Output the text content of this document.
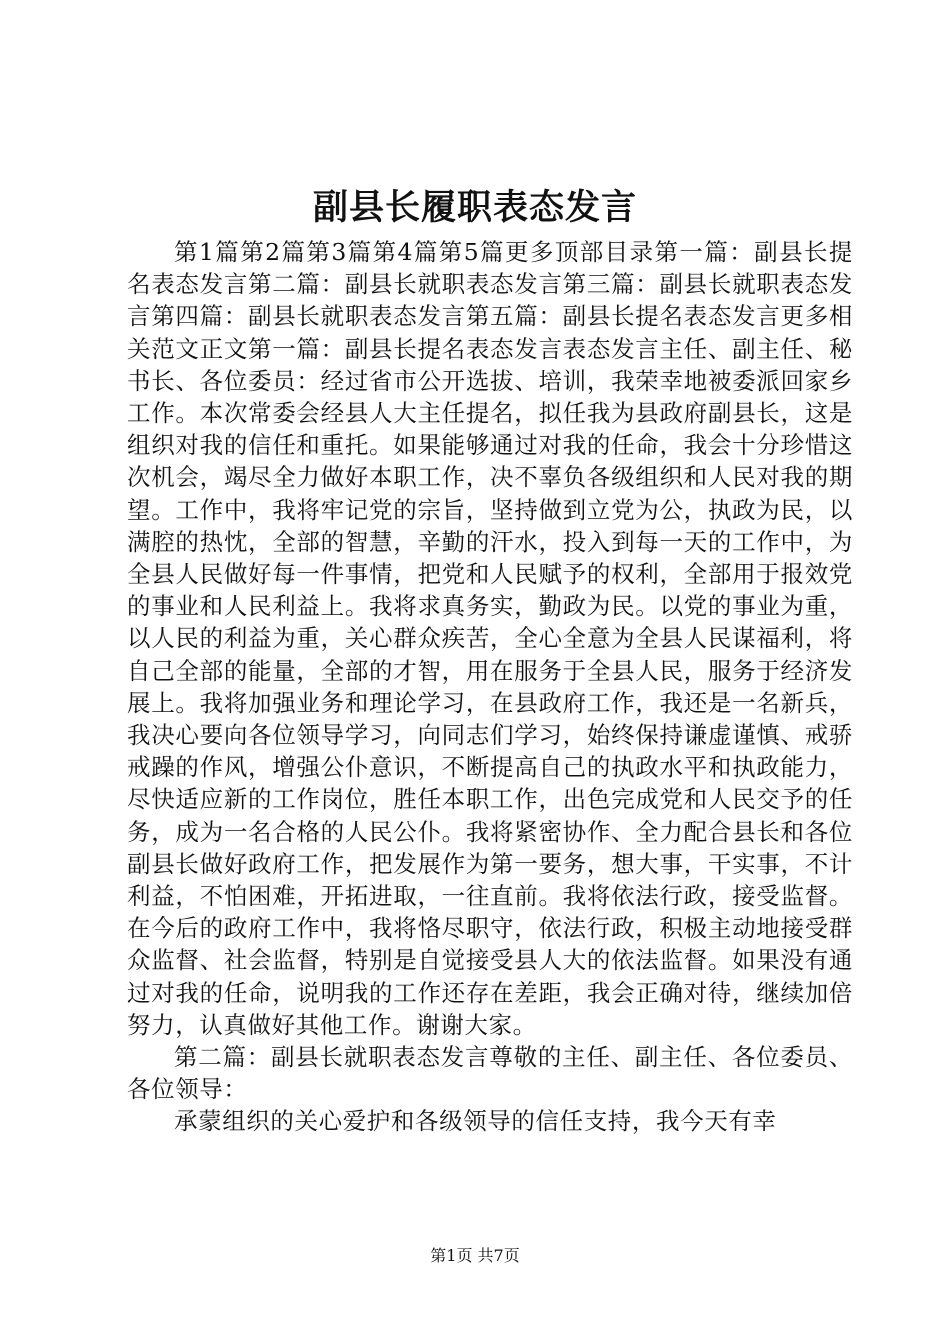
副县长履职表态发言

第1篇第2篇第3篇第4篇第5篇更多顶部目录第一篇：副县长提名表态发言第二篇：副县长就职表态发言第三篇：副县长就职表态发言第四篇：副县长就职表态发言第五篇：副县长提名表态发言更多相关范文正文第一篇：副县长提名表态发言表态发言主任、副主任、秘书长、各位委员：经过省市公开选拔、培训，我荣幸地被委派回家乡工作。本次常委会经县人大主任提名，拟任我为县政府副县长，这是组织对我的信任和重托。如果能够通过对我的任命，我会十分珍惜这次机会，竭尽全力做好本职工作，决不辜负各级组织和人民对我的期望。工作中，我将牢记党的宗旨，坚持做到立党为公，执政为民，以满腔的热忱，全部的智慧，辛勤的汗水，投入到每一天的工作中，为全县人民做好每一件事情，把党和人民赋予的权利，全部用于报效党的事业和人民利益上。我将求真务实，勤政为民。以党的事业为重，以人民的利益为重，关心群众疾苦，全心全意为全县人民谋福利，将自己全部的能量，全部的才智，用在服务于全县人民，服务于经济发展上。我将加强业务和理论学习，在县政府工作，我还是一名新兵，我决心要向各位领导学习，向同志们学习，始终保持谦虚谨慎、戒骄戒躁的作风，增强公仆意识，不断提高自己的执政水平和执政能力，尽快适应新的工作岗位，胜任本职工作，出色完成党和人民交予的任务，成为一名合格的人民公仆。我将紧密协作、全力配合县长和各位副县长做好政府工作，把发展作为第一要务，想大事，干实事，不计利益，不怕困难，开拓进取，一往直前。我将依法行政，接受监督。在今后的政府工作中，我将恪尽职守，依法行政，积极主动地接受群众监督、社会监督，特别是自觉接受县人大的依法监督。如果没有通过对我的任命，说明我的工作还存在差距，我会正确对待，继续加倍努力，认真做好其他工作。谢谢大家。

第二篇：副县长就职表态发言尊敬的主任、副主任、各位委员、各位领导：

承蒙组织的关心爱护和各级领导的信任支持，我今天有幸

第1页 共7页
